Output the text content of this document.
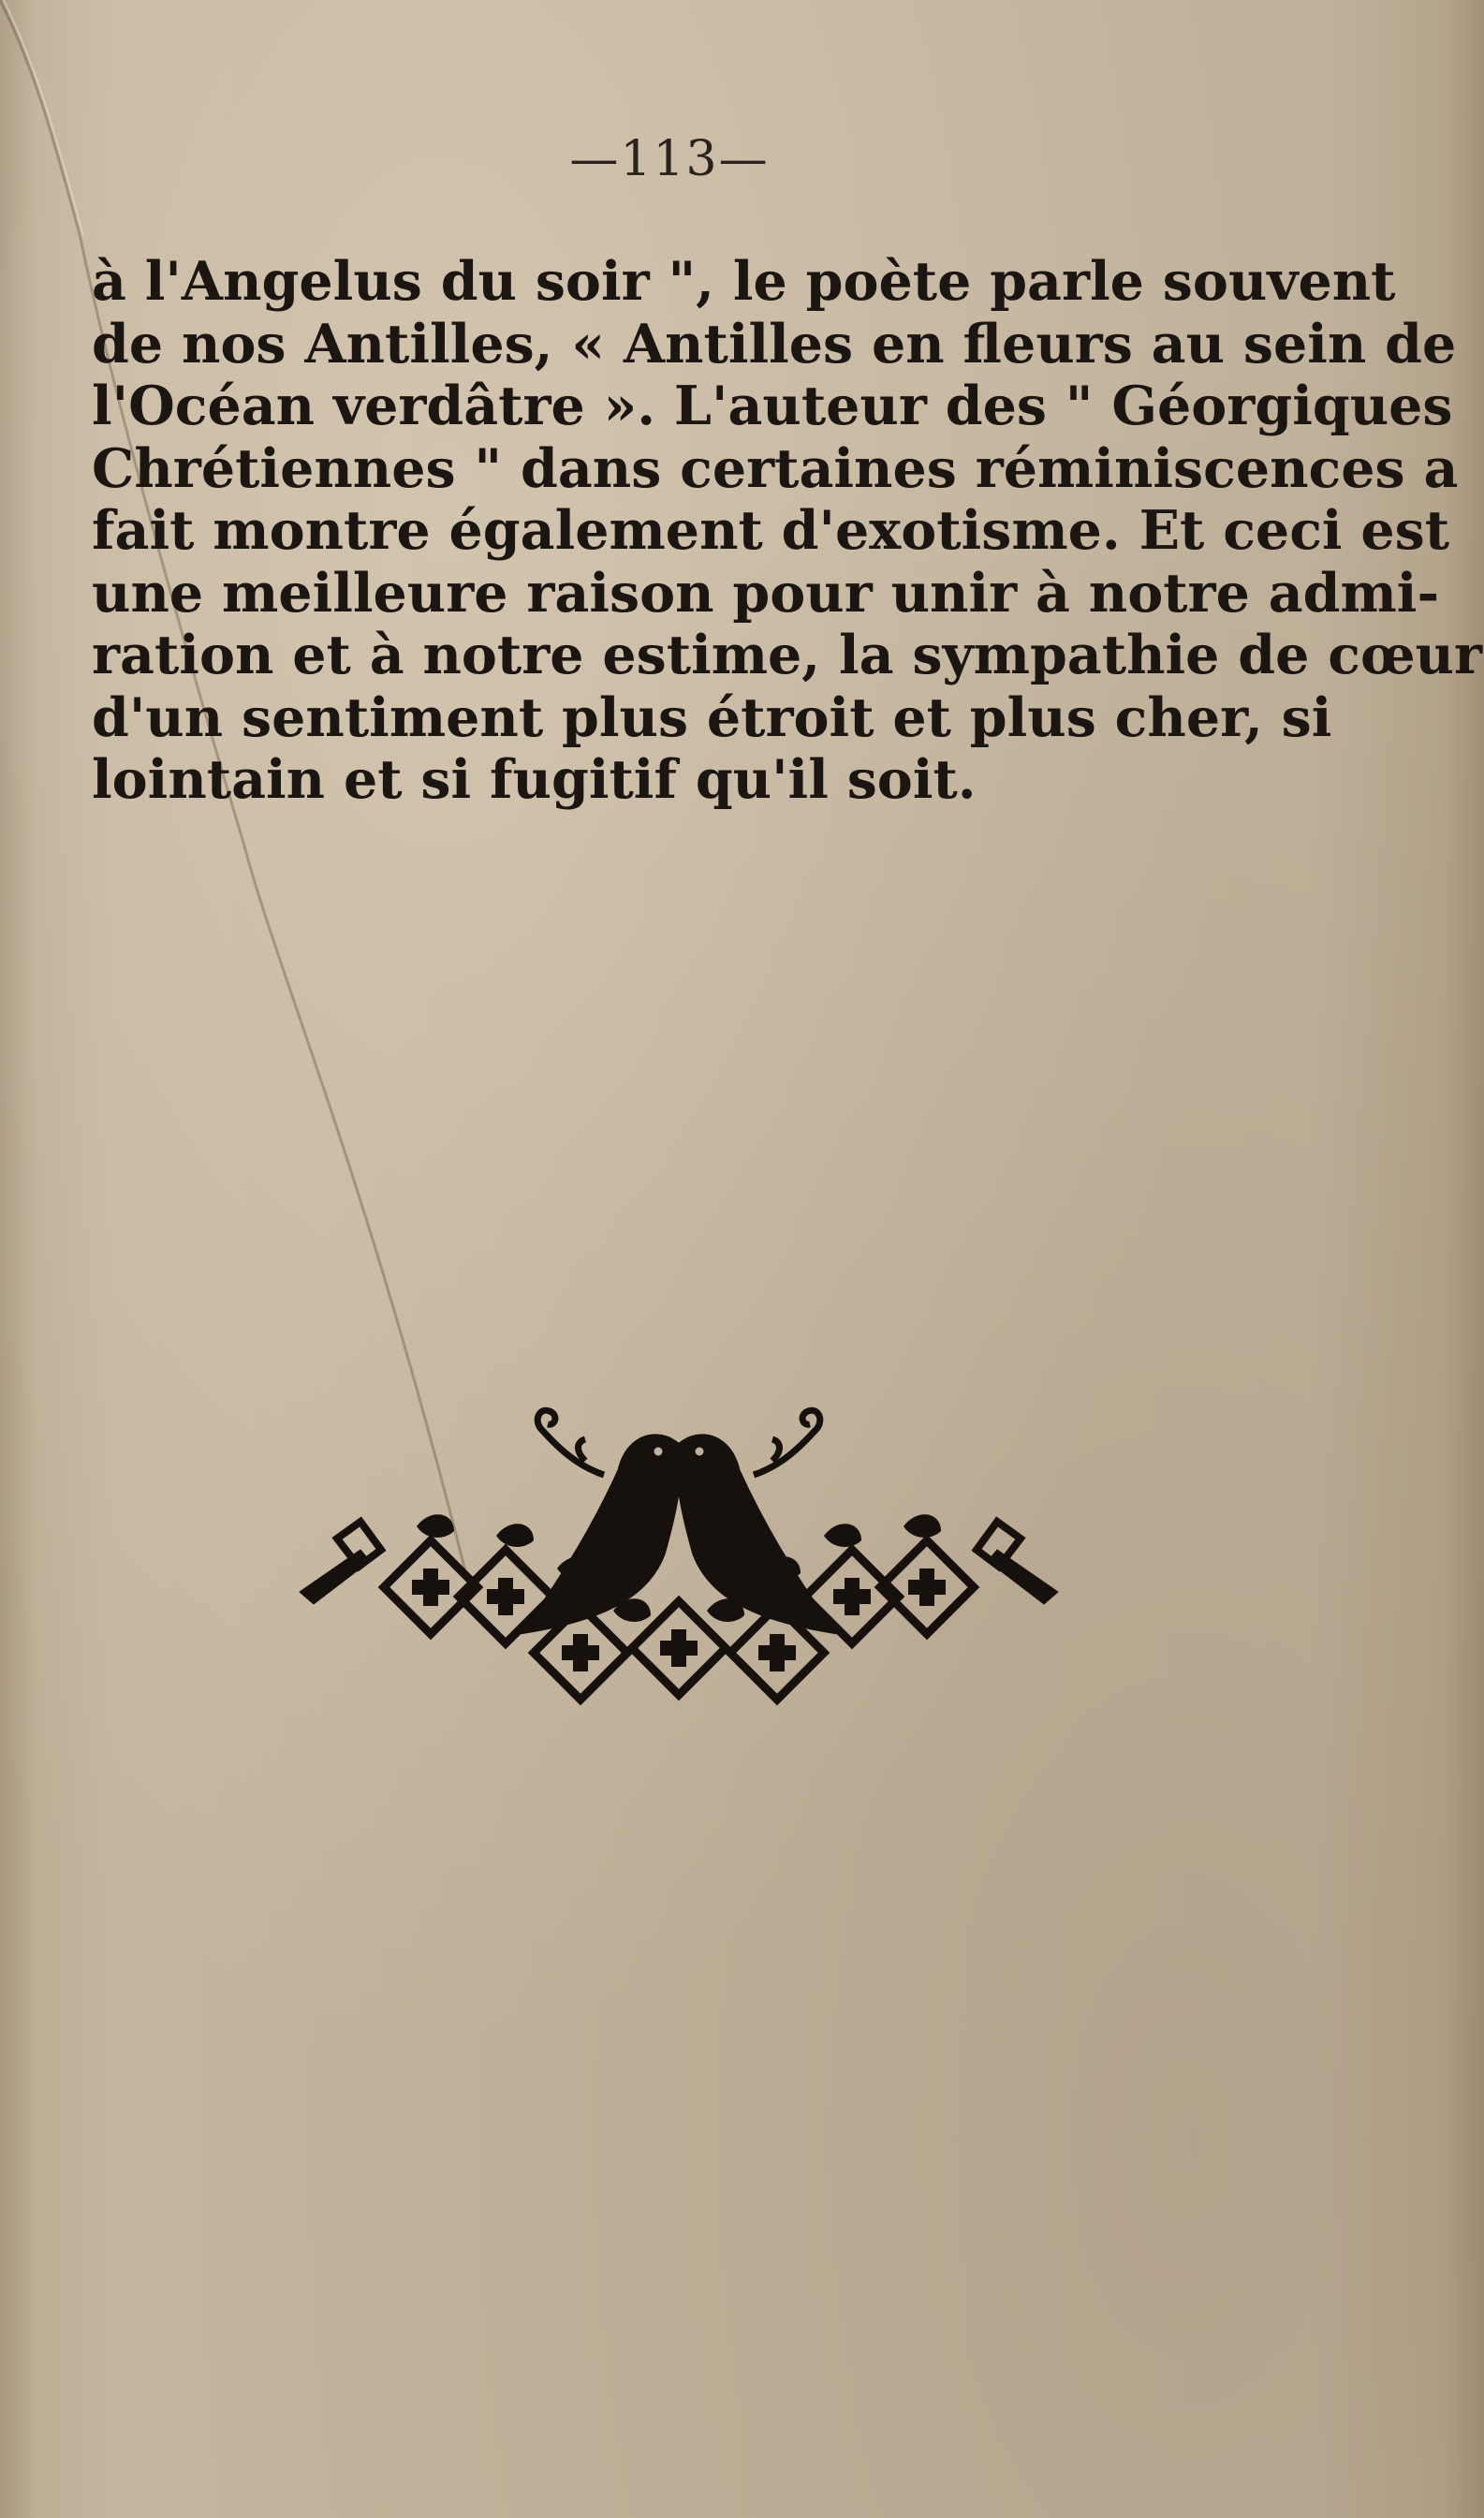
—113—
à l'Angelus du soir ", le poète parle souvent
de nos Antilles, « Antilles en fleurs au sein de
l'Océan verdâtre ». L'auteur des " Géorgiques
Chrétiennes " dans certaines réminiscences a
fait montre également d'exotisme. Et ceci est
une meilleure raison pour unir à notre admi-
ration et à notre estime, la sympathie de cœur
d'un sentiment plus étroit et plus cher, si
lointain et si fugitif qu'il soit.
